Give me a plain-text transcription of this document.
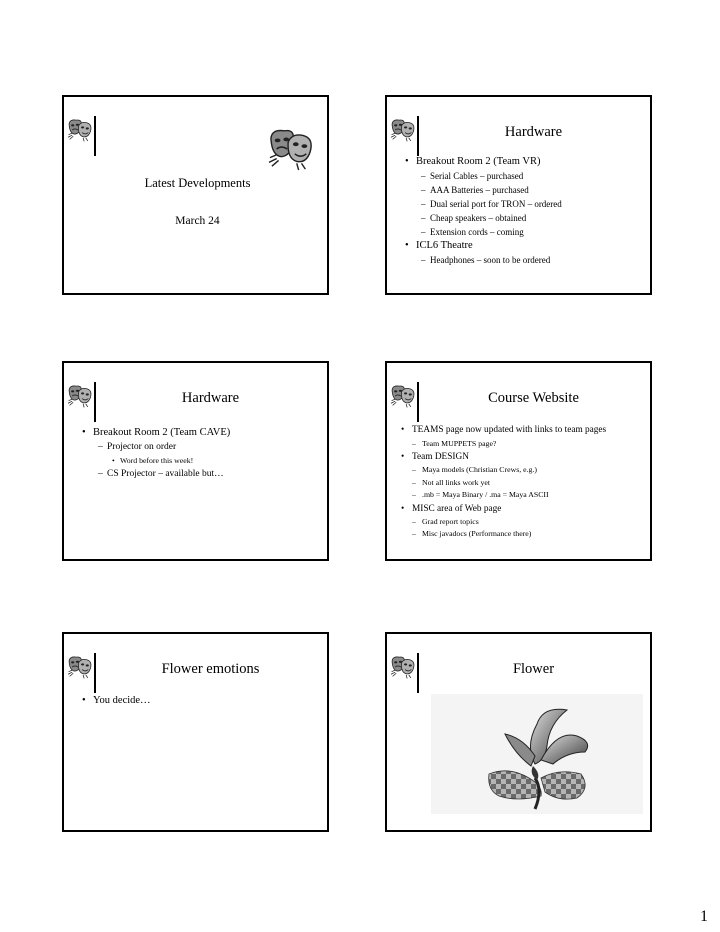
Latest Developments
March 24
Hardware
• Breakout Room 2 (Team VR)
– Serial Cables – purchased
– AAA Batteries – purchased
– Dual serial port for TRON – ordered
– Cheap speakers – obtained
– Extension cords – coming
• ICL6 Theatre
– Headphones – soon to be ordered
Hardware
• Breakout Room 2 (Team CAVE)
– Projector on order
• Word before this week!
– CS Projector – available but…
Course Website
• TEAMS page now updated with links to team pages
– Team MUPPETS page?
• Team DESIGN
– Maya models (Christian Crews, e.g.)
– Not all links work yet
– .mb = Maya Binary / .ma = Maya ASCII
• MISC area of Web page
– Grad report topics
– Misc javadocs (Performance there)
Flower emotions
• You decide…
Flower
1
